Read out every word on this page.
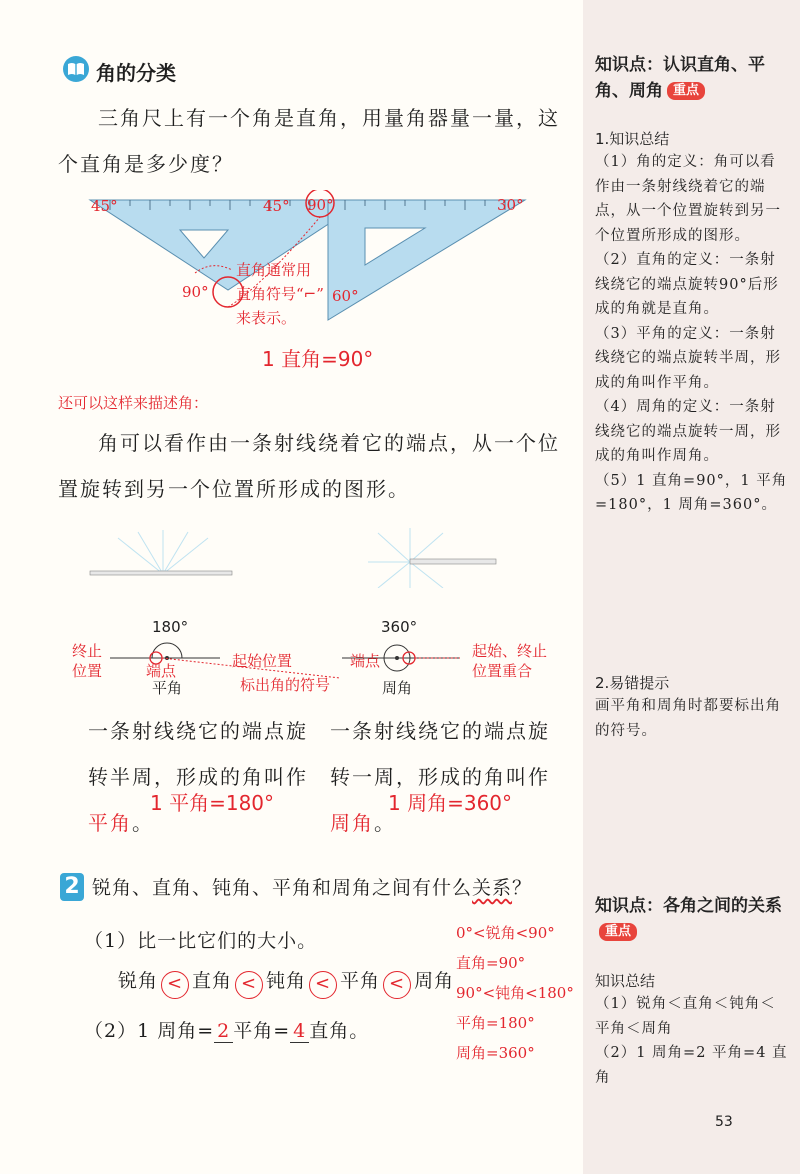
角的分类
三角尺上有一个角是直角，用量角器量一量，这个直角是多少度？
45°	45°
90°
90°	30°
60°
直角通常用
直角符号“⌐”
来表示。
1 直角=90°
还可以这样来描述角：
角可以看作由一条射线绕着它的端点，从一个位置旋转到另一个位置所形成的图形。
180°	360°
终止位置	端点
起始位置
标出角的符号
端点
起始、终止位置重合
平角	周角
一条射线绕它的端点旋转半周，形成的角叫作平角。
一条射线绕它的端点旋转一周，形成的角叫作周角。
1 平角=180°	1 周角=360°
2 锐角、直角、钝角、平角和周角之间有什么关系？
（1）比一比它们的大小。
锐角 < 直角 < 钝角 < 平角 < 周角
（2）1 周角= 2 平角= 4 直角。
0°<锐角<90°
直角=90°
90°<钝角<180°
平角=180°
周角=360°
知识点：认识直角、平角、周角 重点
1.知识总结
（1）角的定义：角可以看作由一条射线绕着它的端点，从一个位置旋转到另一个位置所形成的图形。
（2）直角的定义：一条射线绕它的端点旋转90°后形成的角就是直角。
（3）平角的定义：一条射线绕它的端点旋转半周，形成的角叫作平角。
（4）周角的定义：一条射线绕它的端点旋转一周，形成的角叫作周角。
（5）1 直角=90°，1 平角=180°，1 周角=360°。
2.易错提示
画平角和周角时都要标出角的符号。
知识点：各角之间的关系重点
知识总结
（1）锐角＜直角＜钝角＜平角＜周角
（2）1 周角=2 平角=4 直角
53
